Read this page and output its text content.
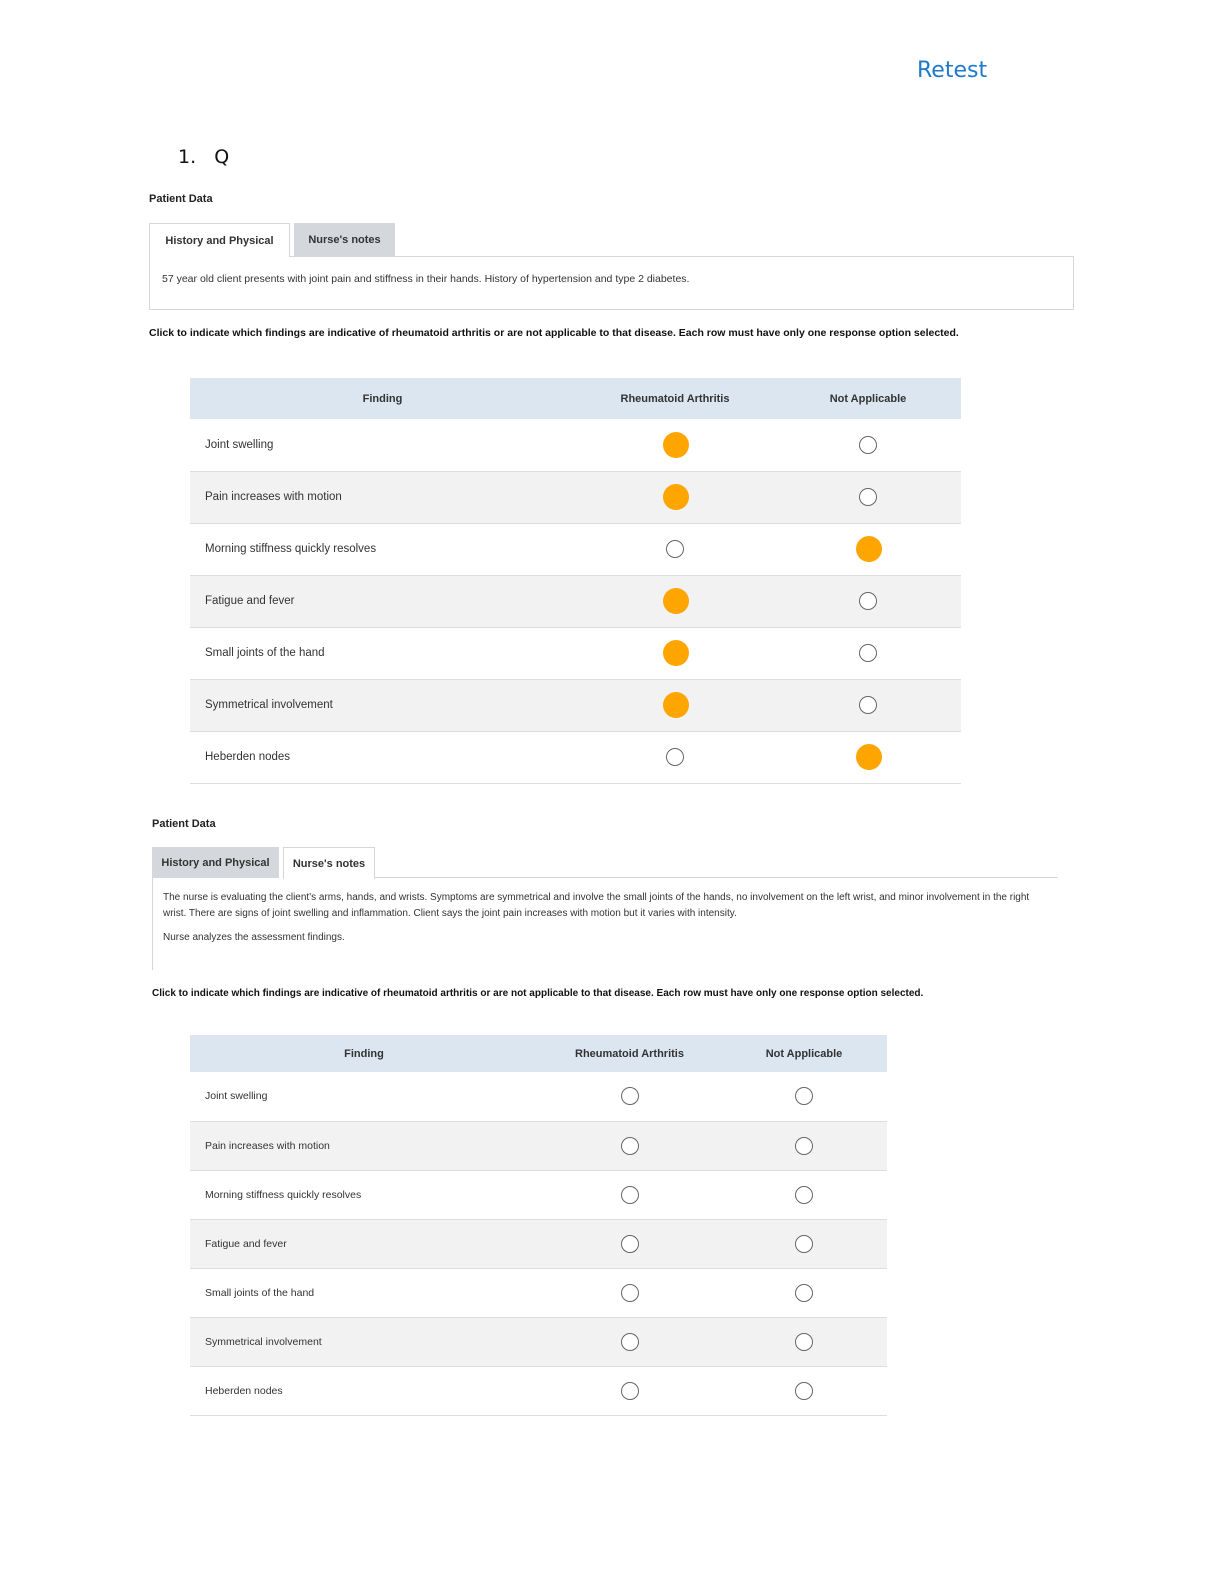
Retest
1. Q
Patient Data
History and Physical	Nurse's notes
57 year old client presents with joint pain and stiffness in their hands. History of hypertension and type 2 diabetes.
Click to indicate which findings are indicative of rheumatoid arthritis or are not applicable to that disease. Each row must have only one response option selected.
Finding	Rheumatoid Arthritis	Not Applicable
Joint swelling	

Pain increases with motion	

Morning stiffness quickly resolves		

Fatigue and fever	

Small joints of the hand	

Symmetrical involvement	

Heberden nodes		
Patient Data
History and Physical	Nurse's notes
The nurse is evaluating the client's arms, hands, and wrists. Symptoms are symmetrical and involve the small joints of the hands, no involvement on the left wrist, and minor involvement in the right wrist. There are signs of joint swelling and inflammation. Client says the joint pain increases with motion but it varies with intensity.
Nurse analyzes the assessment findings.
Click to indicate which findings are indicative of rheumatoid arthritis or are not applicable to that disease. Each row must have only one response option selected.
Finding	Rheumatoid Arthritis	Not Applicable
Joint swelling		
Pain increases with motion		
Morning stiffness quickly resolves		
Fatigue and fever		
Small joints of the hand		
Symmetrical involvement		
Heberden nodes		
